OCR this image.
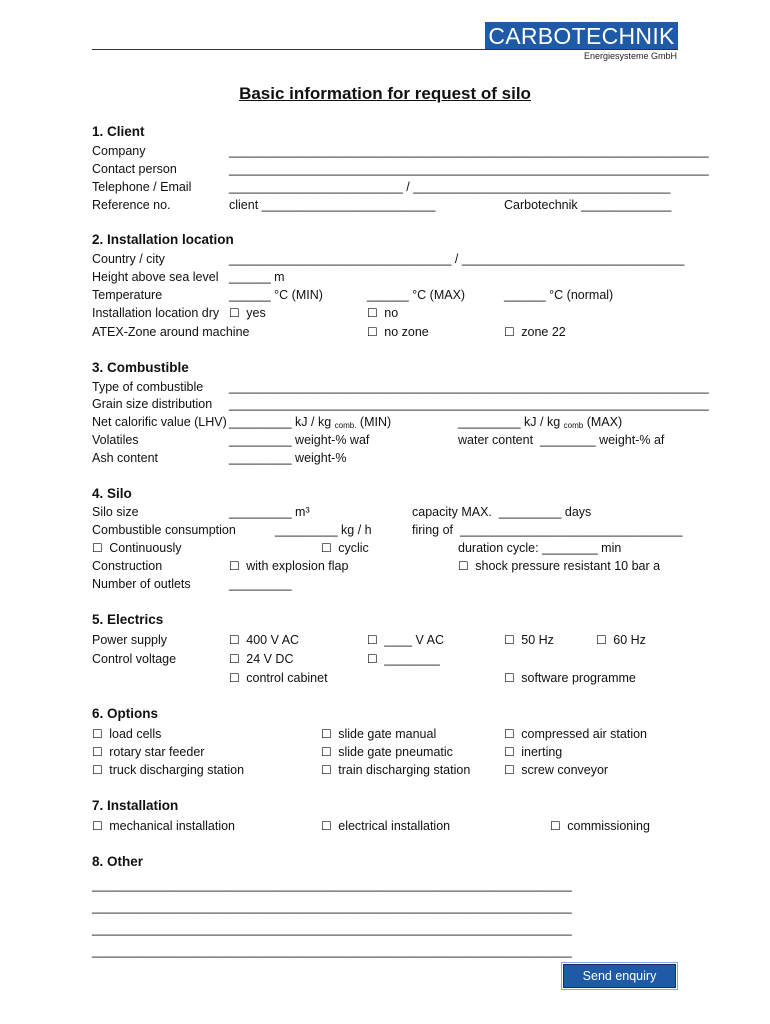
CARBOTECHNIK
Energiesysteme GmbH
Basic information for request of silo
1. Client
Company	_____________________________________________________________________
Contact person	_____________________________________________________________________
Telephone / Email	_________________________ / _____________________________________
Reference no.	client _________________________	Carbotechnik _____________
2. Installation location
Country / city	________________________________ / ________________________________
Height above sea level ______ m
Temperature	______ °C (MIN)	______ °C (MAX)	______ °C (normal)
Installation location dry ☐ yes	☐ no
ATEX-Zone around machine	☐ no zone	☐ zone 22
3. Combustible
Type of combustible _____________________________________________________________________
Grain size distribution _____________________________________________________________________
Net calorific value (LHV) _________ kJ / kg $_{comb.}$ (MIN)	_________ kJ / kg $_{comb}$ (MAX)
Volatiles	_________ weight-% waf	water content  ________ weight-% af
Ash content	_________ weight-%
4. Silo
Silo size	_________ m³	capacity MAX.  _________ days
Combustible consumption	_________ kg / h	firing of  ________________________________
☐ Continuously	☐ cyclic	duration cycle: ________ min
Construction	☐ with explosion flap	☐ shock pressure resistant 10 bar a
Number of outlets	_________
5. Electrics
Power supply	☐ 400 V AC	☐ ____ V AC	☐ 50 Hz	☐ 60 Hz
Control voltage	☐ 24 V DC	☐ ________
☐ control cabinet	☐ software programme
6. Options
☐ load cells	☐ slide gate manual	☐ compressed air station
☐ rotary star feeder	☐ slide gate pneumatic	☐ inerting
☐ truck discharging station	☐ train discharging station	☐ screw conveyor
7. Installation
☐ mechanical installation	☐ electrical installation	☐ commissioning
8. Other
_____________________________________________________________________
_____________________________________________________________________
_____________________________________________________________________
_____________________________________________________________________
Send enquiry
